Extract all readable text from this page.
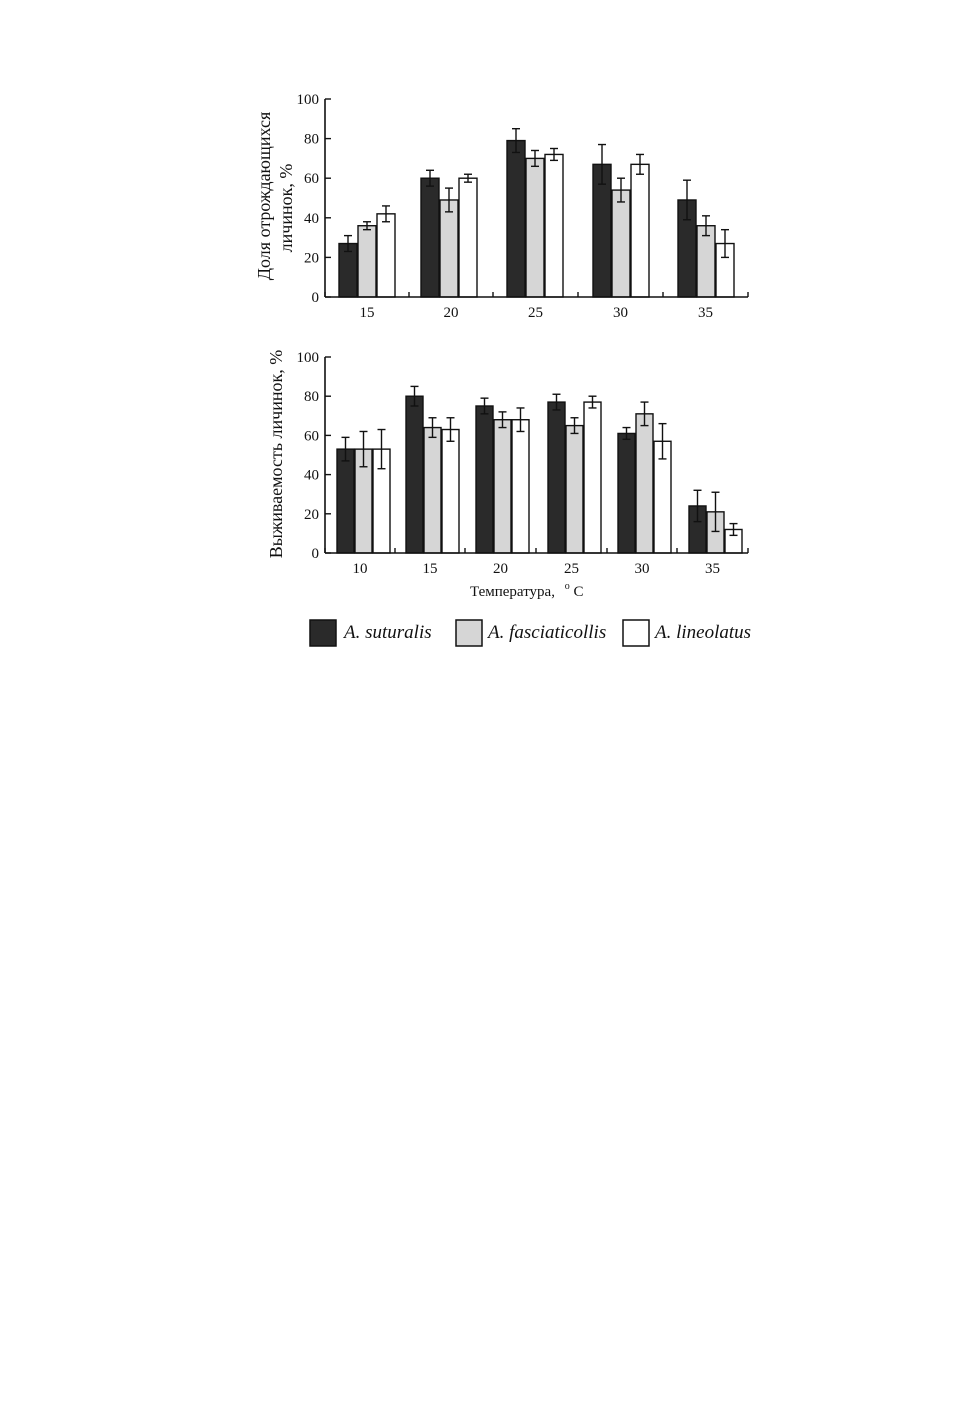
Доля отрождающихся личинок, %
0
20
40
60
80
100
15	20	25	30	35
Выживаемость личинок, %
Температура, $^o$ C
0
20
40
60
80
100
10	15	20	25	30	35
A. suturalis	A. fasciaticollis	A. lineolatus
